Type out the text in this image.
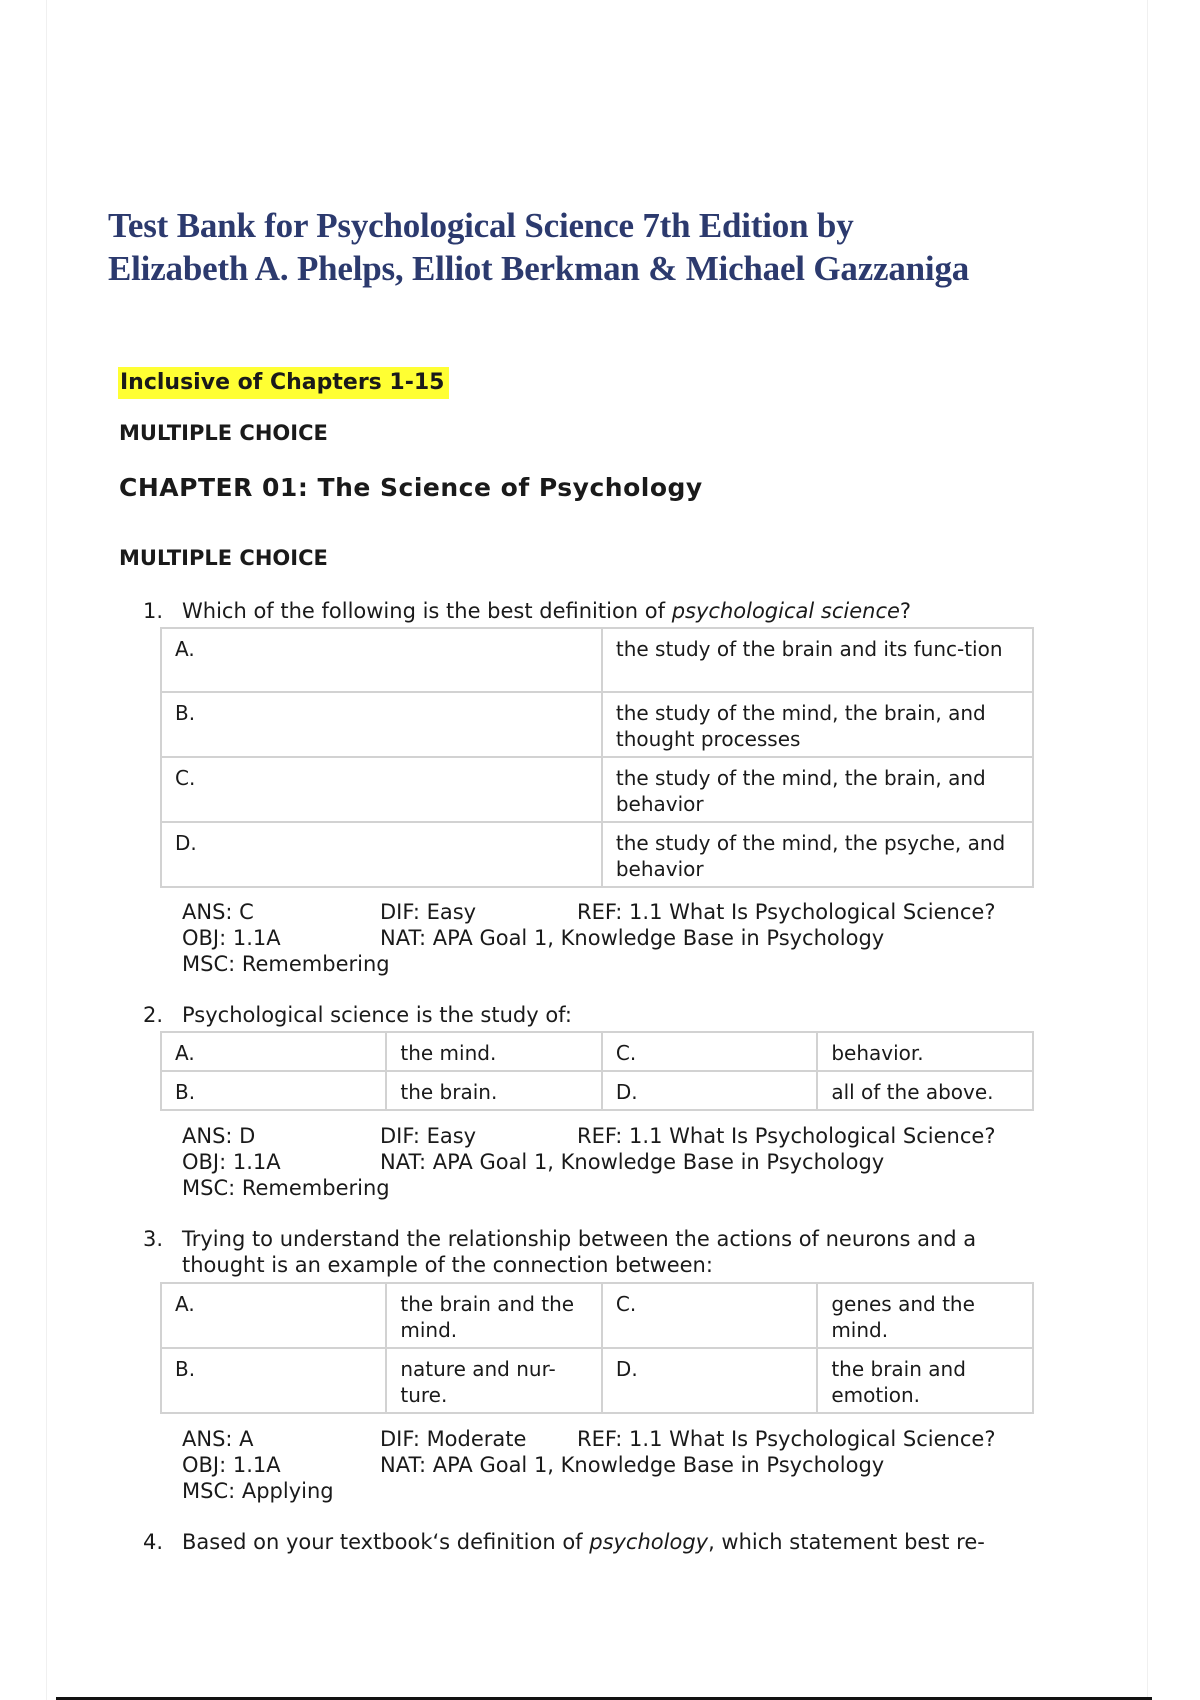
Test Bank for Psychological Science 7th Edition by
Elizabeth A. Phelps, Elliot Berkman & Michael Gazzaniga
Inclusive of Chapters 1-15
MULTIPLE CHOICE
CHAPTER 01: The Science of Psychology
MULTIPLE CHOICE
1. Which of the following is the best definition of psychological science?
A.	the study of the brain and its func-tion
B.	the study of the mind, the brain, and thought processes
C.	the study of the mind, the brain, and behavior
D.	the study of the mind, the psyche, and behavior
ANS: C	DIF: Easy	REF: 1.1 What Is Psychological Science?
OBJ: 1.1A	NAT: APA Goal 1, Knowledge Base in Psychology
MSC: Remembering
2. Psychological science is the study of:
A.	the mind.	C.	behavior.
B.	the brain.	D.	all of the above.
ANS: D	DIF: Easy	REF: 1.1 What Is Psychological Science?
OBJ: 1.1A	NAT: APA Goal 1, Knowledge Base in Psychology
MSC: Remembering
3. Trying to understand the relationship between the actions of neurons and a thought is an example of the connection between:
A.	the brain and the mind.	C.	genes and the mind.
B.	nature and nur-ture.	D.	the brain and emotion.
ANS: A	DIF: Moderate REF: 1.1 What Is Psychological Science?
OBJ: 1.1A	NAT: APA Goal 1, Knowledge Base in Psychology
MSC: Applying
4. Based on your textbook‘s definition of psychology, which statement best re-
